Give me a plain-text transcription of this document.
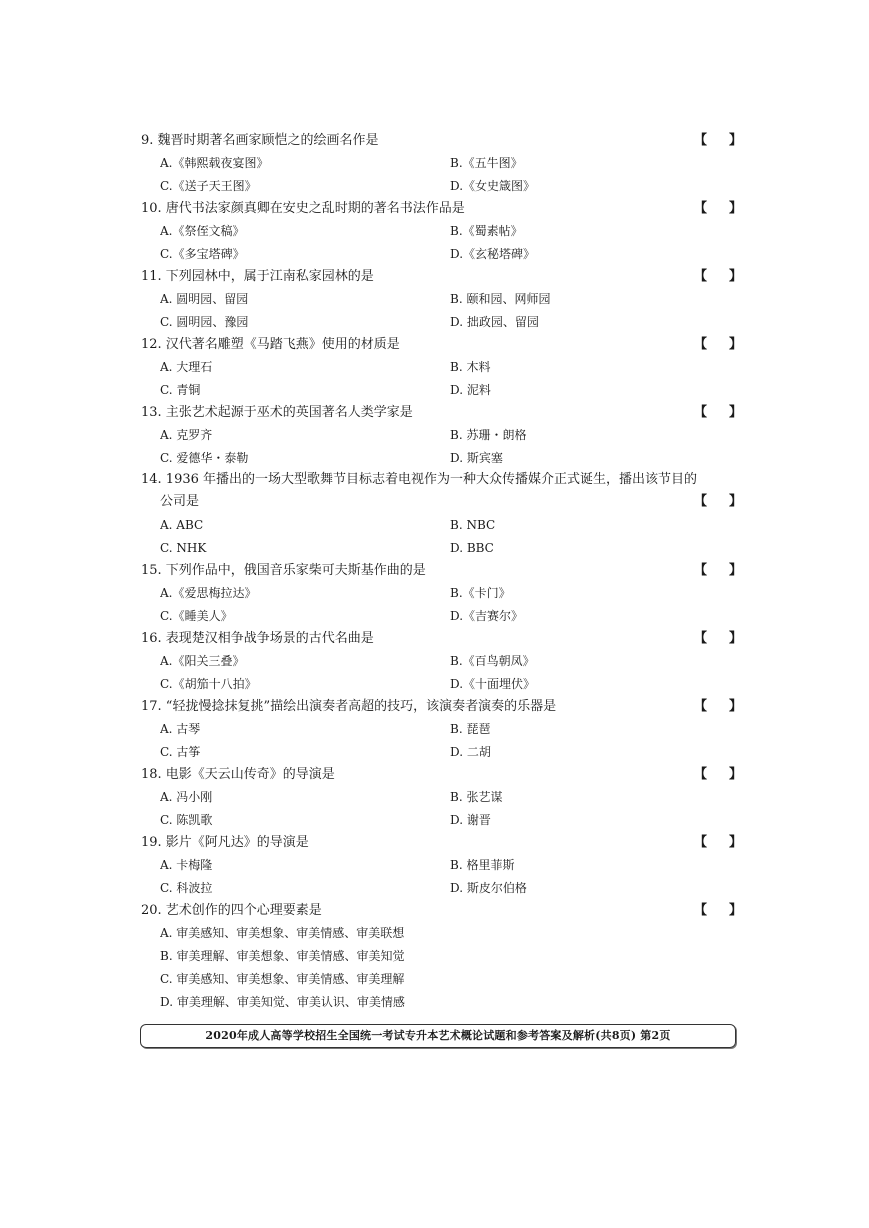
9. 魏晋时期著名画家顾恺之的绘画名作是	【 】
A.《韩熙载夜宴图》	B.《五牛图》
C.《送子天王图》	D.《女史箴图》
10. 唐代书法家颜真卿在安史之乱时期的著名书法作品是	【 】
A.《祭侄文稿》	B.《蜀素帖》
C.《多宝塔碑》	D.《玄秘塔碑》
11. 下列园林中，属于江南私家园林的是	【 】
A. 圆明园、留园	B. 颐和园、网师园
C. 圆明园、豫园	D. 拙政园、留园
12. 汉代著名雕塑《马踏飞燕》使用的材质是	【 】
A. 大理石	B. 木料
C. 青铜	D. 泥料
13. 主张艺术起源于巫术的英国著名人类学家是	【 】
A. 克罗齐	B. 苏珊・朗格
C. 爱德华・泰勒	D. 斯宾塞
14. 1936 年播出的一场大型歌舞节目标志着电视作为一种大众传播媒介正式诞生，播出该节目的
公司是	【 】
A. ABC	B. NBC
C. NHK	D. BBC
15. 下列作品中，俄国音乐家柴可夫斯基作曲的是	【 】
A.《爱思梅拉达》	B.《卡门》
C.《睡美人》	D.《吉赛尔》
16. 表现楚汉相争战争场景的古代名曲是	【 】
A.《阳关三叠》	B.《百鸟朝凤》
C.《胡笳十八拍》	D.《十面埋伏》
17. “轻拢慢捻抹复挑”描绘出演奏者高超的技巧，该演奏者演奏的乐器是	【 】
A. 古琴	B. 琵琶
C. 古筝	D. 二胡
18. 电影《天云山传奇》的导演是	【 】
A. 冯小刚	B. 张艺谋
C. 陈凯歌	D. 谢晋
19. 影片《阿凡达》的导演是	【 】
A. 卡梅隆	B. 格里菲斯
C. 科波拉	D. 斯皮尔伯格
20. 艺术创作的四个心理要素是	【 】
A. 审美感知、审美想象、审美情感、审美联想
B. 审美理解、审美想象、审美情感、审美知觉
C. 审美感知、审美想象、审美情感、审美理解
D. 审美理解、审美知觉、审美认识、审美情感
2020年成人高等学校招生全国统一考试专升本艺术概论试题和参考答案及解析(共8页) 第2页
